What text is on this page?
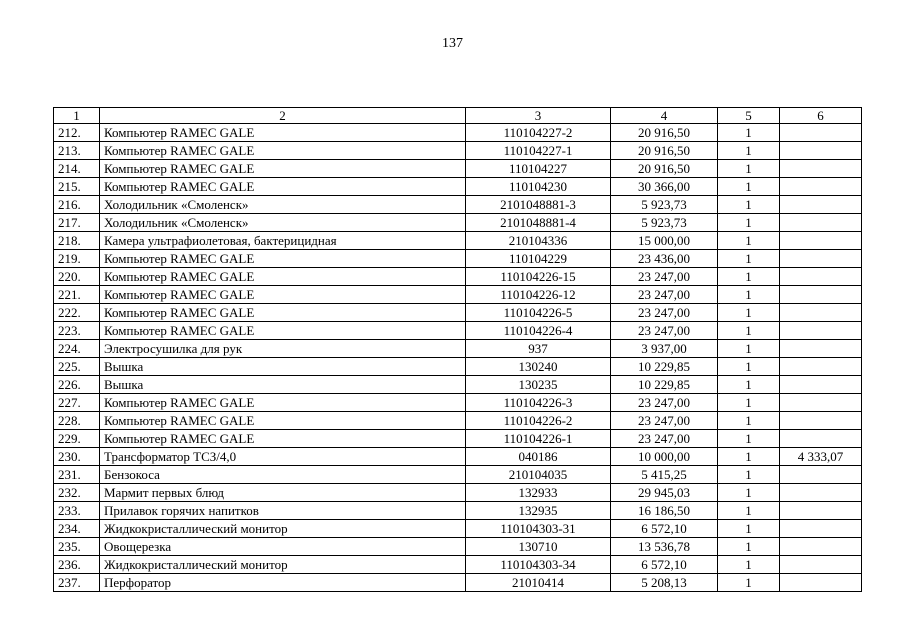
137
1	2	3	4	5	6
212.	Компьютер RAMEC GALE	110104227-2	20 916,50	1	
213.	Компьютер RAMEC GALE	110104227-1	20 916,50	1	
214.	Компьютер RAMEC GALE	110104227	20 916,50	1	
215.	Компьютер RAMEC GALE	110104230	30 366,00	1	
216.	Холодильник «Смоленск»	2101048881-3	5 923,73	1	
217.	Холодильник «Смоленск»	2101048881-4	5 923,73	1	
218.	Камера ультрафиолетовая, бактерицидная	210104336	15 000,00	1	
219.	Компьютер RAMEC GALE	110104229	23 436,00	1	
220.	Компьютер RAMEC GALE	110104226-15	23 247,00	1	
221.	Компьютер RAMEC GALE	110104226-12	23 247,00	1	
222.	Компьютер RAMEC GALE	110104226-5	23 247,00	1	
223.	Компьютер RAMEC GALE	110104226-4	23 247,00	1	
224.	Электросушилка для рук	937	3 937,00	1	
225.	Вышка	130240	10 229,85	1	
226.	Вышка	130235	10 229,85	1	
227.	Компьютер RAMEC GALE	110104226-3	23 247,00	1	
228.	Компьютер RAMEC GALE	110104226-2	23 247,00	1	
229.	Компьютер RAMEC GALE	110104226-1	23 247,00	1	
230.	Трансформатор ТСЗ/4,0	040186	10 000,00	1	4 333,07
231.	Бензокоса	210104035	5 415,25	1	
232.	Мармит первых блюд	132933	29 945,03	1	
233.	Прилавок горячих напитков	132935	16 186,50	1	
234.	Жидкокристаллический монитор	110104303-31	6 572,10	1	
235.	Овощерезка	130710	13 536,78	1	
236.	Жидкокристаллический монитор	110104303-34	6 572,10	1	
237.	Перфоратор	21010414	5 208,13	1	
